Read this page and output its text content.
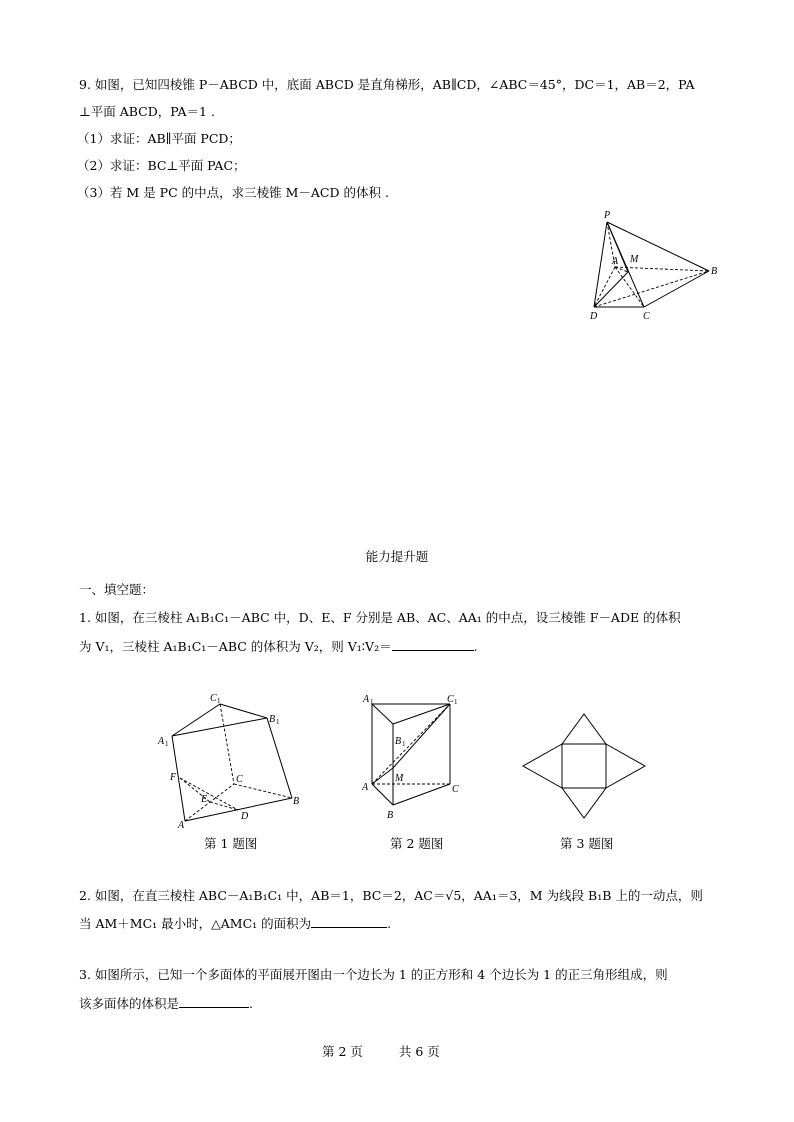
9. 如图，已知四棱锥 P－ABCD 中，底面 ABCD 是直角梯形，AB∥CD，∠ABC＝45°，DC＝1，AB＝2，PA
⊥平面 ABCD，PA＝1 .
（1）求证：AB∥平面 PCD；
（2）求证：BC⊥平面 PAC；
（3）若 M 是 PC 的中点，求三棱锥 M－ACD 的体积 .
P
A M
B
D	C
能力提升题
一、填空题：
1. 如图，在三棱柱 A₁B₁C₁－ABC 中，D、E、F 分别是 AB、AC、AA₁ 的中点，设三棱锥 F－ADE 的体积
为 V₁，三棱柱 A₁B₁C₁－ABC 的体积为 V₂，则 V₁∶V₂＝	.
C 1
B 1
A 1
F	C
E	B
A
D
第 1 题图
A 1	C 1
B 1
M
A	C
B
第 2 题图	第 3 题图
2. 如图，在直三棱柱 ABC－A₁B₁C₁ 中，AB＝1，BC＝2，AC＝√5，AA₁＝3，M 为线段 B₁B 上的一动点，则
当 AM＋MC₁ 最小时，△AMC₁ 的面积为	.
3. 如图所示，已知一个多面体的平面展开图由一个边长为 1 的正方形和 4 个边长为 1 的正三角形组成，则
该多面体的体积是	.
第 2 页	共 6 页
